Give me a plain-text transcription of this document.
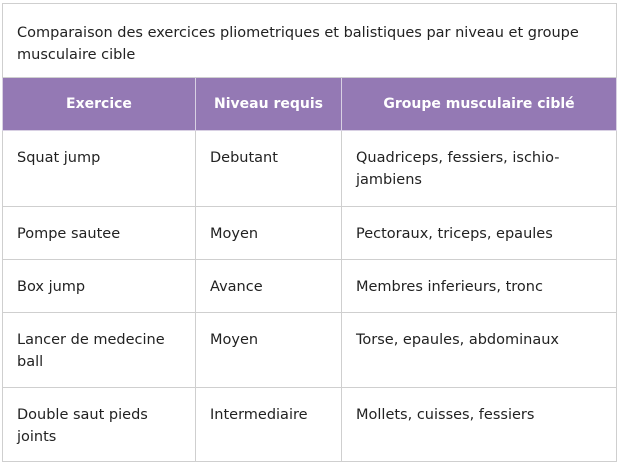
Comparaison des exercices pliometriques et balistiques par niveau et groupe musculaire cible		
Exercice	Niveau requis	Groupe musculaire ciblé
Squat jump	Debutant	Quadriceps, fessiers, ischio-jambiens
Pompe sautee	Moyen	Pectoraux, triceps, epaules
Box jump	Avance	Membres inferieurs, tronc
Lancer de medecine ball	Moyen	Torse, epaules, abdominaux
Double saut pieds joints	Intermediaire	Mollets, cuisses, fessiers
